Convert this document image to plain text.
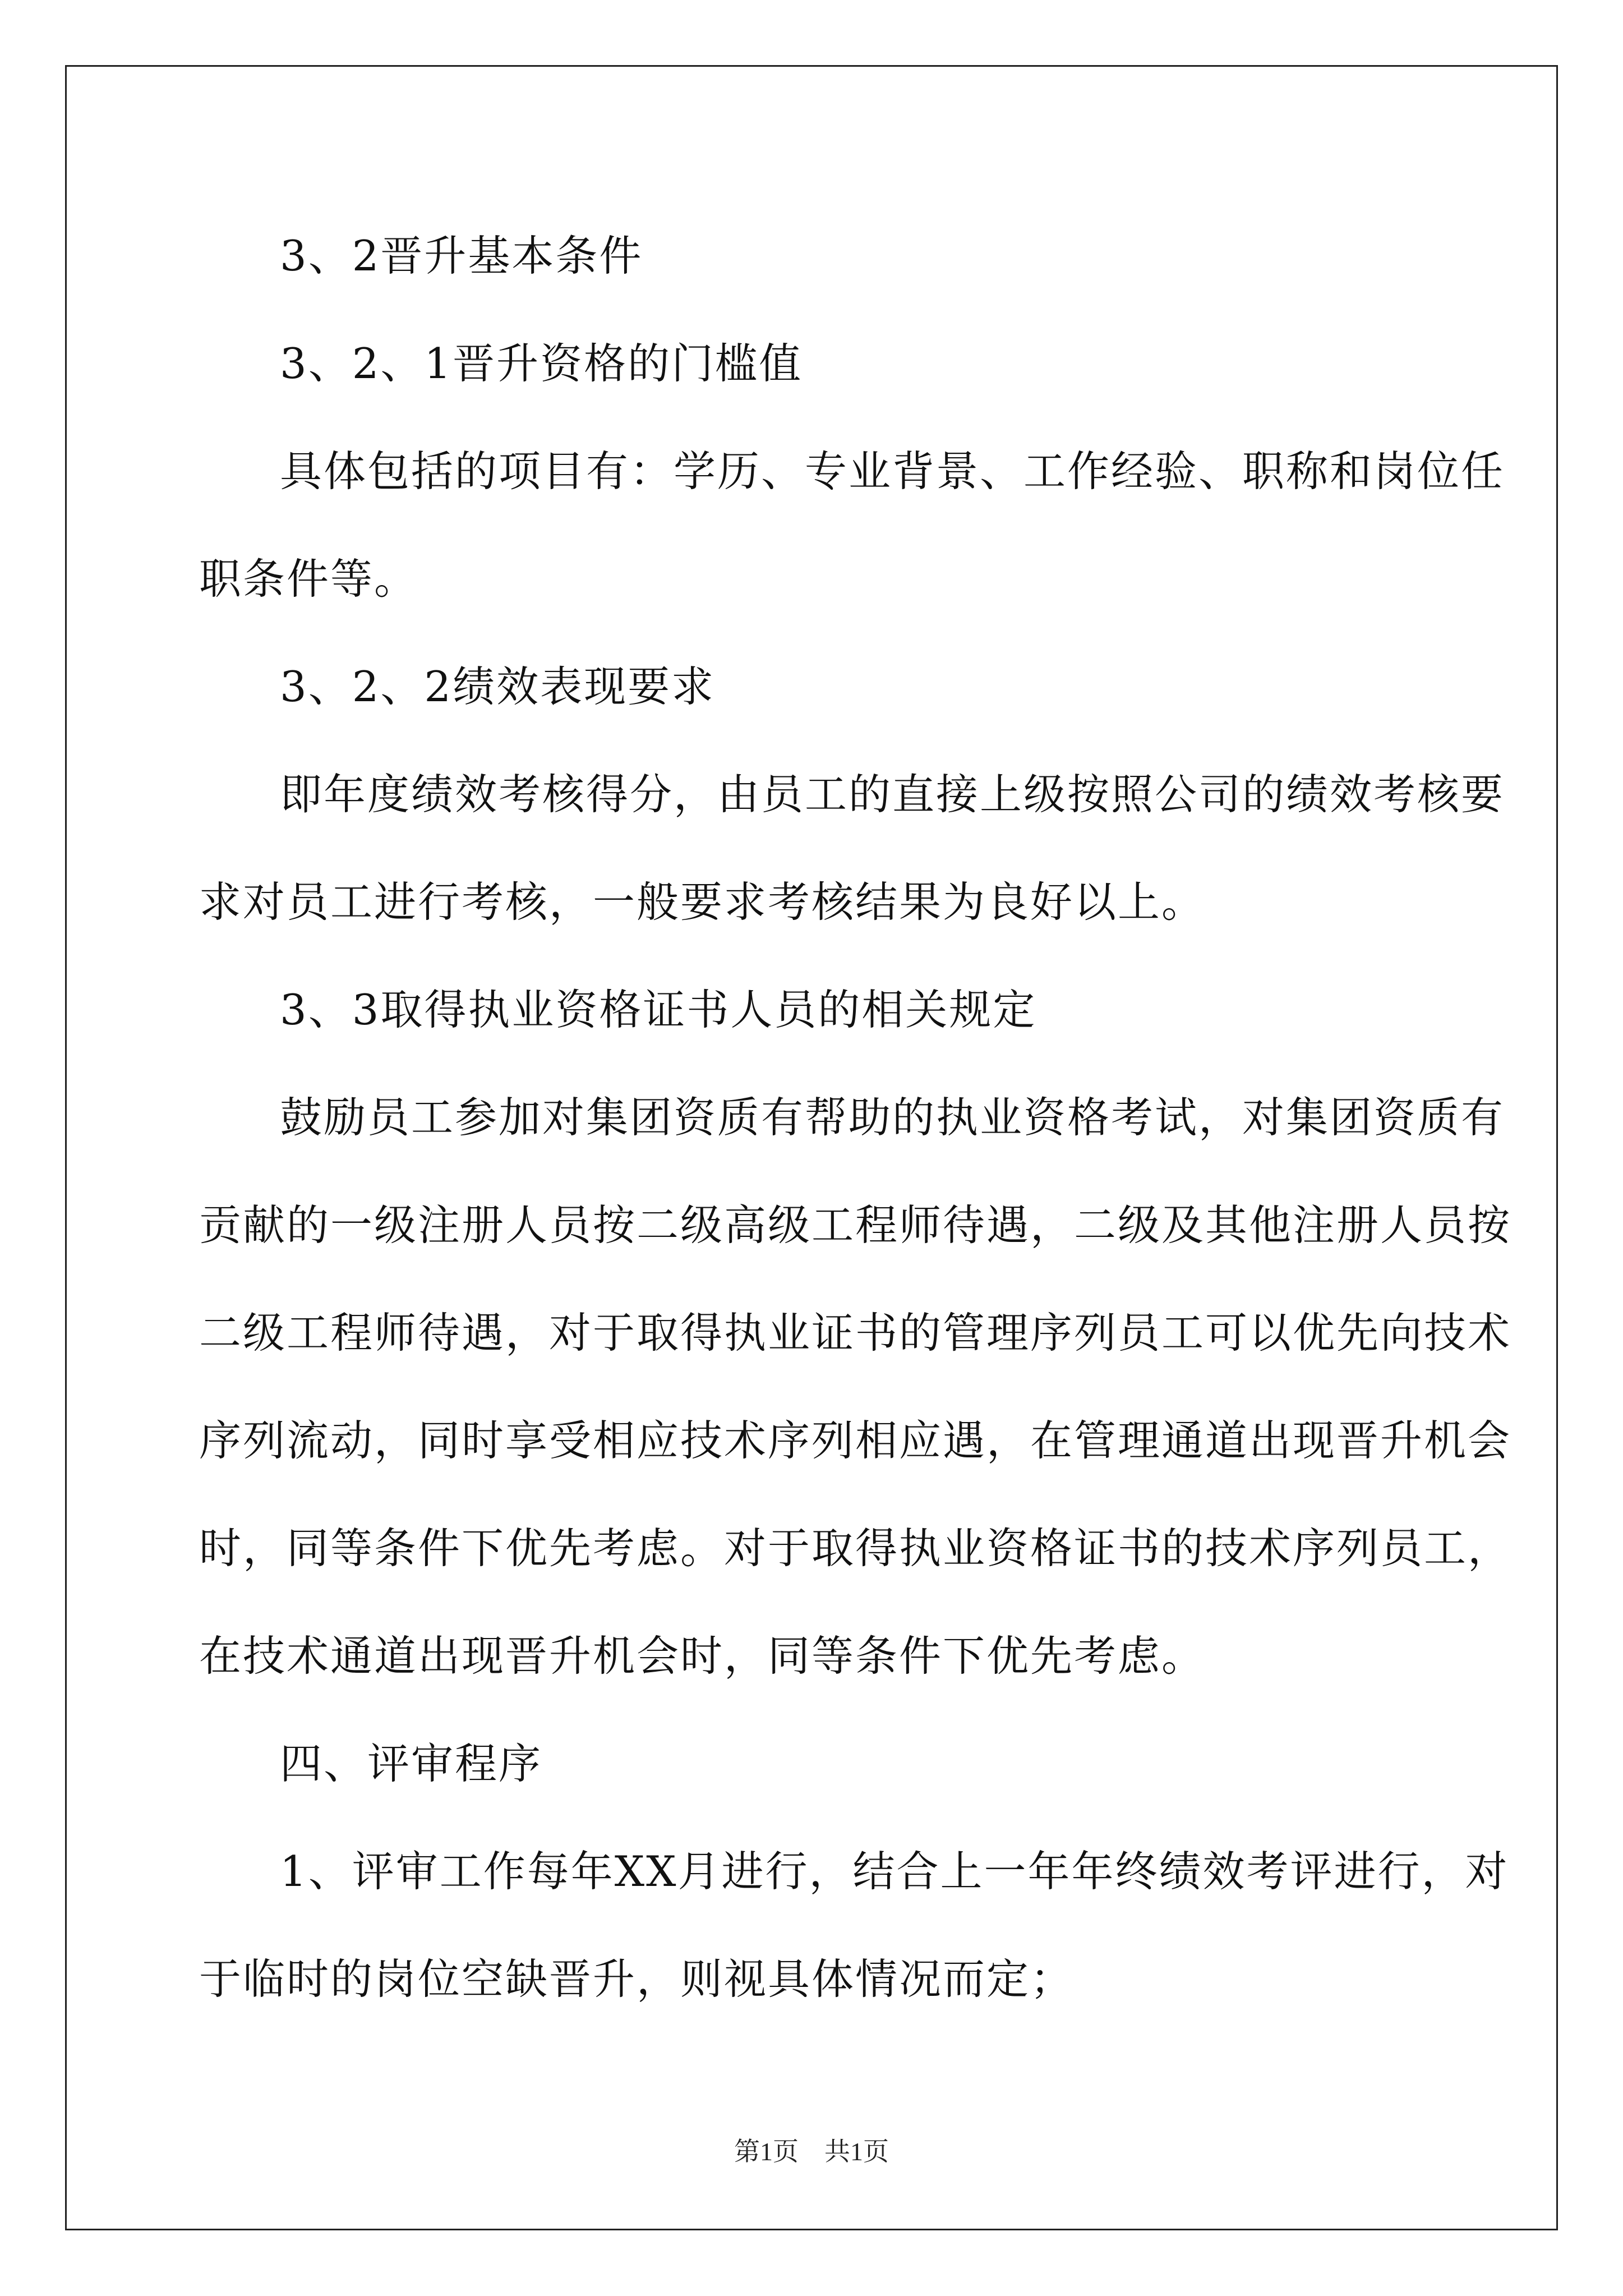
3、2晋升基本条件

3、2、1晋升资格的门槛值

具体包括的项目有：学历、专业背景、工作经验、职称和岗位任

职条件等。

3、2、2绩效表现要求

即年度绩效考核得分，由员工的直接上级按照公司的绩效考核要

求对员工进行考核，一般要求考核结果为良好以上。

3、3取得执业资格证书人员的相关规定

鼓励员工参加对集团资质有帮助的执业资格考试，对集团资质有

贡献的一级注册人员按二级高级工程师待遇，二级及其他注册人员按

二级工程师待遇，对于取得执业证书的管理序列员工可以优先向技术

序列流动，同时享受相应技术序列相应遇，在管理通道出现晋升机会

时，同等条件下优先考虑。对于取得执业资格证书的技术序列员工，

在技术通道出现晋升机会时，同等条件下优先考虑。

四、评审程序

1、评审工作每年XX月进行，结合上一年年终绩效考评进行，对

于临时的岗位空缺晋升，则视具体情况而定；

第1页 共1页
